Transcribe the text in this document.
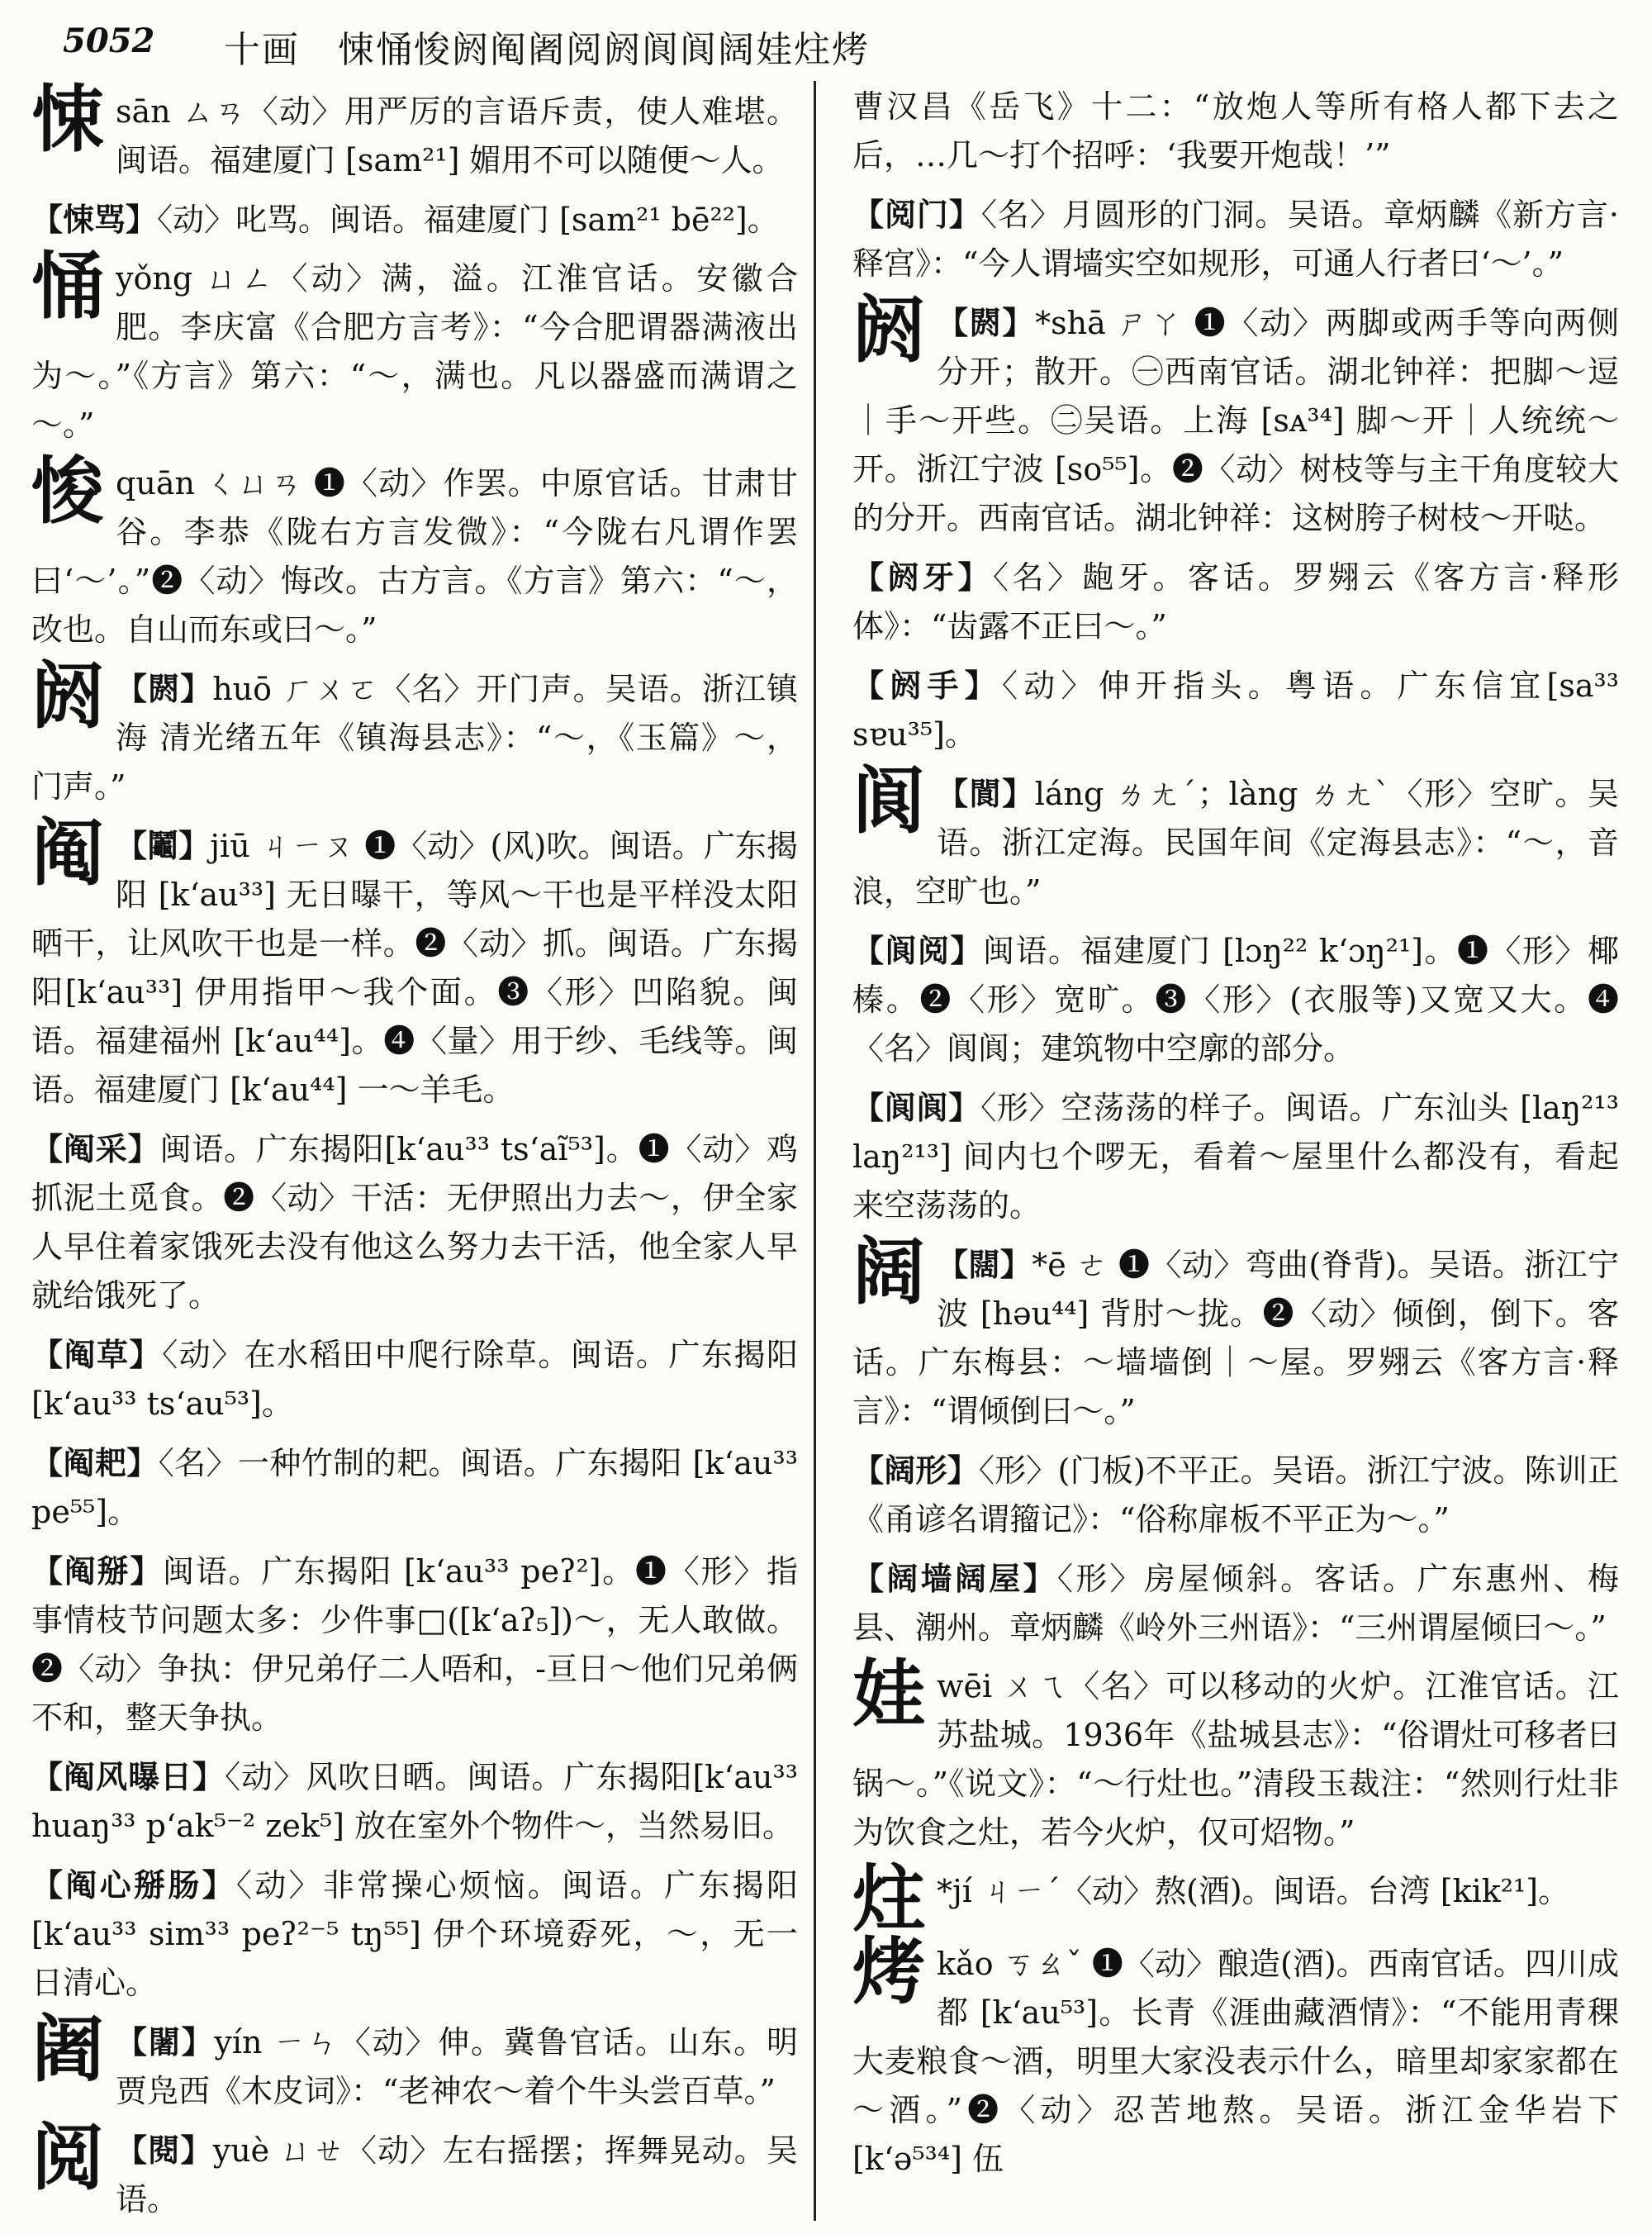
5052 十画　悚悀悛阏阄阇阅阏阆阆阔娃炷烤
悚sān ㄙㄢ〈动〉用严厉的言语斥责，使人难堪。闽语。福建厦门 [sam²¹] 媚用不可以随便～人。
【悚骂】〈动〉叱骂。闽语。福建厦门 [sam²¹ bē²²]。
悀yǒng ㄩㄥ〈动〉满，溢。江淮官话。安徽合肥。李庆富《合肥方言考》：“今合肥谓器满液出为～。”《方言》第六：“～，满也。凡以器盛而满谓之～。”
悛quān ㄑㄩㄢ ❶〈动〉作罢。中原官话。甘肃甘谷。李恭《陇右方言发微》：“今陇右凡谓作罢曰‘～’。”❷〈动〉悔改。古方言。《方言》第六：“～，改也。自山而东或曰～。”
阏 【閼】huō ㄏㄨㄛ〈名〉开门声。吴语。浙江镇海 清光绪五年《镇海县志》：“～，《玉篇》～，门声。”
阄 【鬮】jiū ㄐㄧㄡ ❶〈动〉(风)吹。闽语。广东揭阳 [k‘au³³] 无日曝干，等风～干也是平样没太阳晒干，让风吹干也是一样。❷〈动〉抓。闽语。广东揭阳[k‘au³³] 伊用指甲～我个面。❸〈形〉凹陷貌。闽语。福建福州 [k‘au⁴⁴]。❹〈量〉用于纱、毛线等。闽语。福建厦门 [k‘au⁴⁴] 一～羊毛。
【阄采】闽语。广东揭阳[k‘au³³ ts‘aĩ⁵³]。❶〈动〉鸡抓泥土觅食。❷〈动〉干活：无伊照出力去～，伊全家人早住着家饿死去没有他这么努力去干活，他全家人早就给饿死了。
【阄草】〈动〉在水稻田中爬行除草。闽语。广东揭阳 [k‘au³³ ts‘au⁵³]。
【阄耙】〈名〉一种竹制的耙。闽语。广东揭阳 [k‘au³³ pe⁵⁵]。
【阄掰】闽语。广东揭阳 [k‘au³³ peʔ²]。❶〈形〉指事情枝节问题太多：少件事□([k‘aʔ₅])～，无人敢做。❷〈动〉争执：伊兄弟仔二人唔和，-亘日～他们兄弟俩不和，整天争执。
【阄风曝日】〈动〉风吹日晒。闽语。广东揭阳[k‘au³³ huaŋ³³ p‘ak⁵⁻² zek⁵] 放在室外个物件～，当然易旧。
【阄心掰肠】〈动〉非常操心烦恼。闽语。广东揭阳 [k‘au³³ sim³³ peʔ²⁻⁵ tŋ⁵⁵] 伊个环境孬死，～，无一日清心。
阇 【闍】yín ㄧㄣ〈动〉伸。冀鲁官话。山东。明贾凫西《木皮词》：“老神农～着个牛头尝百草。”
阅 【閱】yuè ㄩㄝ〈动〉左右摇摆；挥舞晃动。吴语。
曹汉昌《岳飞》十二：“放炮人等所有格人都下去之后，…几～打个招呼：‘我要开炮哉！’”
【阅门】〈名〉月圆形的门洞。吴语。章炳麟《新方言·释宫》：“今人谓墙实空如规形，可通人行者曰‘～’。”
阏 【閼】*shā ㄕㄚ ❶〈动〉两脚或两手等向两侧分开；散开。㊀西南官话。湖北钟祥：把脚～逗｜手～开些。㊁吴语。上海 [sᴀ³⁴] 脚～开｜人统统～开。浙江宁波 [so⁵⁵]。❷〈动〉树枝等与主干角度较大的分开。西南官话。湖北钟祥：这树胯子树枝～开哒。
【阏牙】〈名〉龅牙。客话。罗翙云《客方言·释形体》：“齿露不正曰～。”
【阏手】〈动〉伸开指头。粤语。广东信宜[sa³³ sɐu³⁵]。
阆 【閬】láng ㄌㄤˊ；làng ㄌㄤˋ〈形〉空旷。吴语。浙江定海。民国年间《定海县志》：“～，音浪，空旷也。”
【阆阅】闽语。福建厦门 [lɔŋ²² k‘ɔŋ²¹]。❶〈形〉椰榛。❷〈形〉宽旷。❸〈形〉(衣服等)又宽又大。❹〈名〉阆阆；建筑物中空廓的部分。
【阆阆】〈形〉空荡荡的样子。闽语。广东汕头 [laŋ²¹³ laŋ²¹³] 间内乜个啰无，看着～屋里什么都没有，看起来空荡荡的。
阔 【闊】*ē ㄜ ❶〈动〉弯曲(脊背)。吴语。浙江宁波 [həu⁴⁴] 背肘～拢。❷〈动〉倾倒，倒下。客话。广东梅县：～墙墙倒｜～屋。罗翙云《客方言·释言》：“谓倾倒曰～。”
【阔形】〈形〉(门板)不平正。吴语。浙江宁波。陈训正《甬谚名谓籀记》：“俗称扉板不平正为～。”
【阔墙阔屋】〈形〉房屋倾斜。客话。广东惠州、梅县、潮州。章炳麟《岭外三州语》：“三州谓屋倾曰～。”
娃wēi ㄨㄟ〈名〉可以移动的火炉。江淮官话。江苏盐城。1936年《盐城县志》：“俗谓灶可移者曰锅～。”《说文》：“～行灶也。”清段玉裁注：“然则行灶非为饮食之灶，若今火炉，仅可炤物。”
炷 *jí ㄐㄧˊ〈动〉熬(酒)。闽语。台湾 [kik²¹]。
烤kǎo ㄎㄠˇ ❶〈动〉酿造(酒)。西南官话。四川成都 [k‘au⁵³]。长青《涯曲藏酒情》：“不能用青稞大麦粮食～酒，明里大家没表示什么，暗里却家家都在～酒。”❷〈动〉忍苦地熬。吴语。浙江金华岩下 [k‘ə⁵³⁴] 伍
